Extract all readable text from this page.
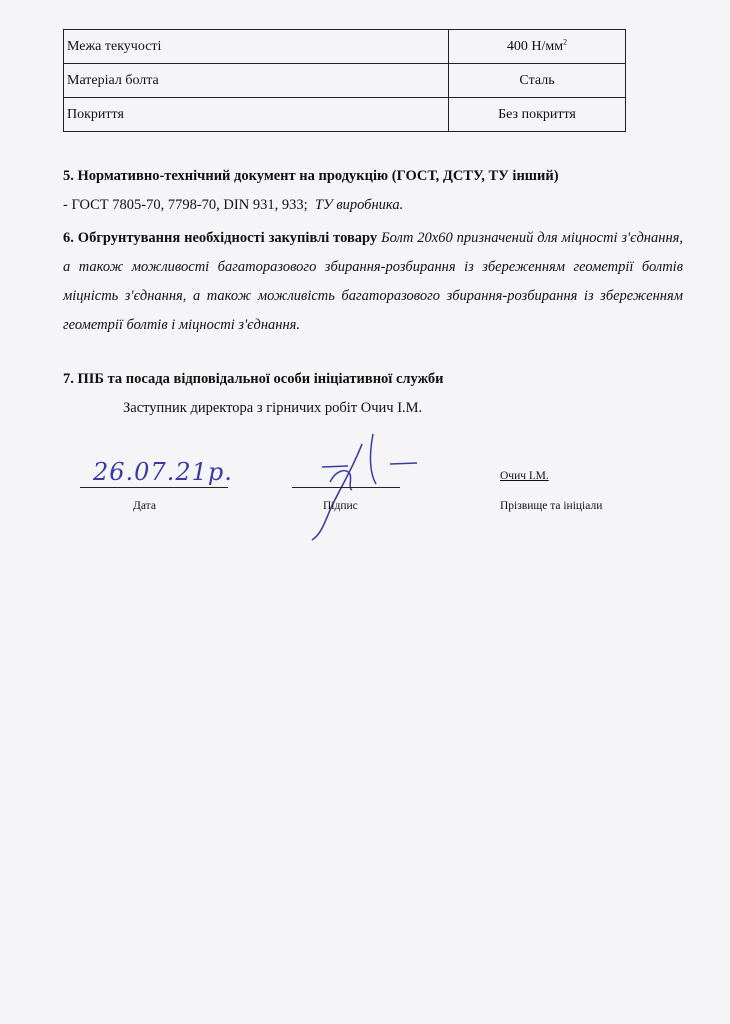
Межа текучості	400 $Н/мм^2$
Матеріал болта	Сталь
Покриття	Без покриття
5. Нормативно-технічний документ на продукцію (ГОСТ, ДСТУ, ТУ інший)
- ГОСТ 7805-70, 7798-70, DIN 931, 933; ТУ виробника.
6. Обгрунтування необхідності закупівлі товару Болт 20х60 призначений для міцності з'єднання, а також можливості багаторазового збирання-розбирання із збереженням геометрії болтів міцність з'єднання, а також можливість багаторазового збирання-розбирання із збереженням геометрії болтів і міцності з'єднання.
7. ПІБ та посада відповідальної особи ініціативної служби
Заступник директора з гірничих робіт Очич І.М.
26.07.21р.
Дата	Підпис
Очич І.М.
Прізвище та ініціали
